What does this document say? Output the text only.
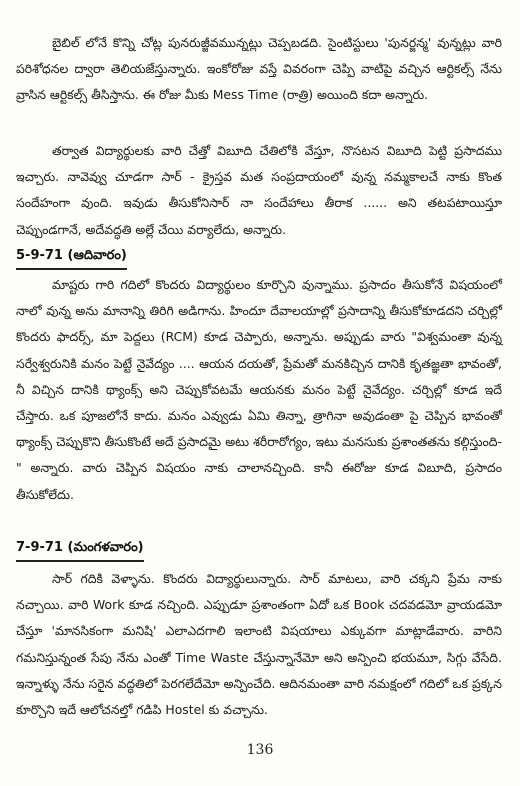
బైబిల్ లోనే కొన్ని చోట్ల పునరుజ్జీవమున్నట్లు చెప్పబడది. సైంటిస్టులు 'పునర్జన్మ' వున్నట్లు వారి పరిశోధనల ద్వారా తెలియజేస్తున్నారు. ఇంకోరోజు వస్తే వివరంగా చెప్పి వాటిపై వచ్చిన ఆర్టికల్స్ నేను వ్రాసిన ఆర్టికల్స్ తీసిస్తాను. ఈ రోజు మీకు Mess Time (రాత్రి) అయింది కదా అన్నారు.
తర్వాత విద్యార్థులకు వారి చేత్తో విబూది చేతిలోకి వేస్తూ, నొసటన విబూది పెట్టి ప్రసాదము ఇచ్చారు. నావెవ్వు చూడగా సార్ - క్రైస్తవ మత సంప్రదాయంలో వున్న నమ్మకాలచే నాకు కొంత సందేహంగా వుంది. ఇవుడు తీసుకోనిసార్ నా సందేహాలు తీరాక ...... అని తటపటాయిస్తూ చెప్పుండగానే, అదేవద్ధతి అల్లే చేయి వర్యాలేదు, అన్నారు.
5-9-71 (ఆదివారం)
మాష్టరు గారి గదిలో కొందరు విద్యార్థులం కూర్చొని వున్నాము. ప్రసాదం తీసుకోనే విషయంలో నాలో వున్న అను మానాన్ని తిరిగి అడిగాను. హిందూ దేవాలయాల్లో ప్రసాదాన్ని తీసుకోకూడదని చర్చిల్లో కొందరు ఫాదర్స్, మా పెద్దలు (RCM) కూడ చెప్పారు, అన్నాను. అప్పుడు వారు "విశ్వమంతా వున్న సర్వేశ్వరునికి మనం పెట్టే నైవేద్యం .... ఆయన దయతో, ప్రేమతో మనకిచ్చిన దానికి కృతజ్ఞతా భావంతో, నీ విచ్చిన దానికి థ్యాంక్స్ అని చెప్పుకోవటమే ఆయనకు మనం పెట్టే నైవేద్యం. చర్చిల్లో కూడ ఇదే చేస్తారు. ఒక పూజలోనే కాదు. మనం ఎవ్వుడు ఏమి తిన్నా, త్రాగినా అవుడంతా పై చెప్పిన భావంతో థ్యాంక్స్ చెప్పుకొని తీసుకొంటే అదే ప్రసాదమై అటు శరీరారోగ్యం, ఇటు మనసుకు ప్రశాంతతను కల్గిస్తుంది-" అన్నారు. వారు చెప్పిన విషయం నాకు చాలానచ్చింది. కానీ ఈరోజు కూడ విబూది, ప్రసాదం తీసుకోలేదు.
7-9-71 (మంగళవారం)
సార్ గదికి వెళ్ళాను. కొందరు విద్యార్థులున్నారు. సార్ మాటలు, వారి చక్కని ప్రేమ నాకు నచ్చాయి. వారి Work కూడ నచ్చింది. ఎప్పుడూ ప్రశాంతంగా ఏదో ఒక Book చదవడమో వ్రాయడమో చేస్తూ 'మానసికంగా మనిషి' ఎలాఎదగాలి ఇలాంటి విషయాలు ఎక్కువగా మాట్లాడేవారు. వారిని గమనిస్తున్నంత సేపు నేను ఎంతో Time Waste చేస్తున్నానేమో అని అన్పించి భయమూ, సిగ్గు వేసేది. ఇన్నాళ్ళు నేను సరైన వద్ధతిలో పెరగలేదేమో అన్పించేది. ఆదినమంతా వారి నమక్షంలో గదిలో ఒక ప్రక్కన కూర్చొని ఇదే ఆలోచనల్తో గడిపి Hostel కు వచ్చాను.
136
